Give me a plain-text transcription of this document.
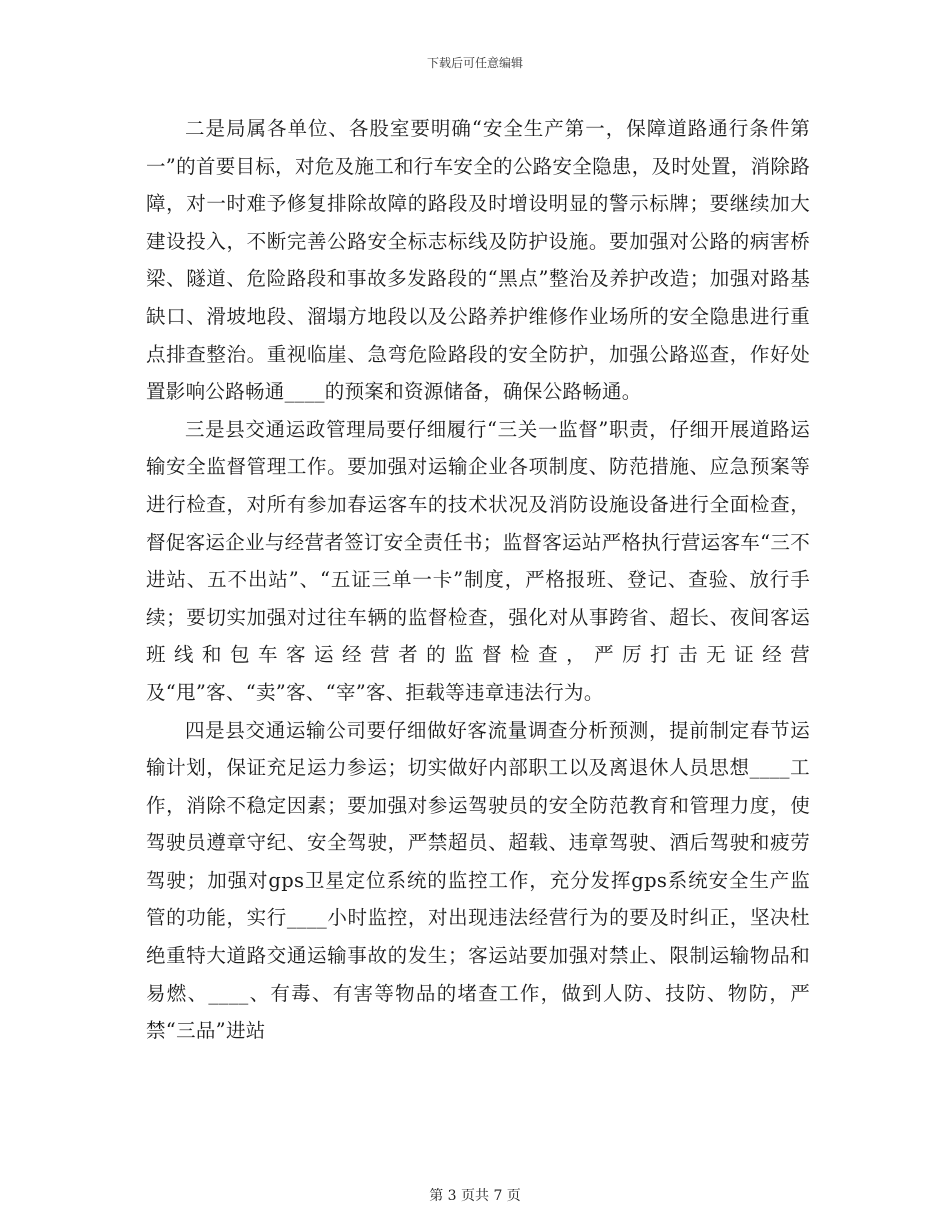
下载后可任意编辑

二是局属各单位、各股室要明确“安全生产第一，保障道路通行条件第一”的首要目标，对危及施工和行车安全的公路安全隐患，及时处置，消除路障，对一时难予修复排除故障的路段及时增设明显的警示标牌；要继续加大建设投入，不断完善公路安全标志标线及防护设施。要加强对公路的病害桥梁、隧道、危险路段和事故多发路段的“黑点”整治及养护改造；加强对路基缺口、滑坡地段、溜塌方地段以及公路养护维修作业场所的安全隐患进行重点排查整治。重视临崖、急弯危险路段的安全防护，加强公路巡查，作好处置影响公路畅通____的预案和资源储备，确保公路畅通。

三是县交通运政管理局要仔细履行“三关一监督”职责，仔细开展道路运输安全监督管理工作。要加强对运输企业各项制度、防范措施、应急预案等进行检查，对所有参加春运客车的技术状况及消防设施设备进行全面检查，督促客运企业与经营者签订安全责任书；监督客运站严格执行营运客车“三不进站、五不出站”、“五证三单一卡”制度，严格报班、登记、查验、放行手续；要切实加强对过往车辆的监督检查，强化对从事跨省、超长、夜间客运班线和包车客运经营者的监督检查，严厉打击无证经营及“甩”客、“卖”客、“宰”客、拒载等违章违法行为。

四是县交通运输公司要仔细做好客流量调查分析预测，提前制定春节运输计划，保证充足运力参运；切实做好内部职工以及离退休人员思想____工作，消除不稳定因素；要加强对参运驾驶员的安全防范教育和管理力度，使驾驶员遵章守纪、安全驾驶，严禁超员、超载、违章驾驶、酒后驾驶和疲劳驾驶；加强对gps卫星定位系统的监控工作，充分发挥gps系统安全生产监管的功能，实行____小时监控，对出现违法经营行为的要及时纠正，坚决杜绝重特大道路交通运输事故的发生；客运站要加强对禁止、限制运输物品和易燃、____、有毒、有害等物品的堵查工作，做到人防、技防、物防，严禁“三品”进站

第 3 页共 7 页
